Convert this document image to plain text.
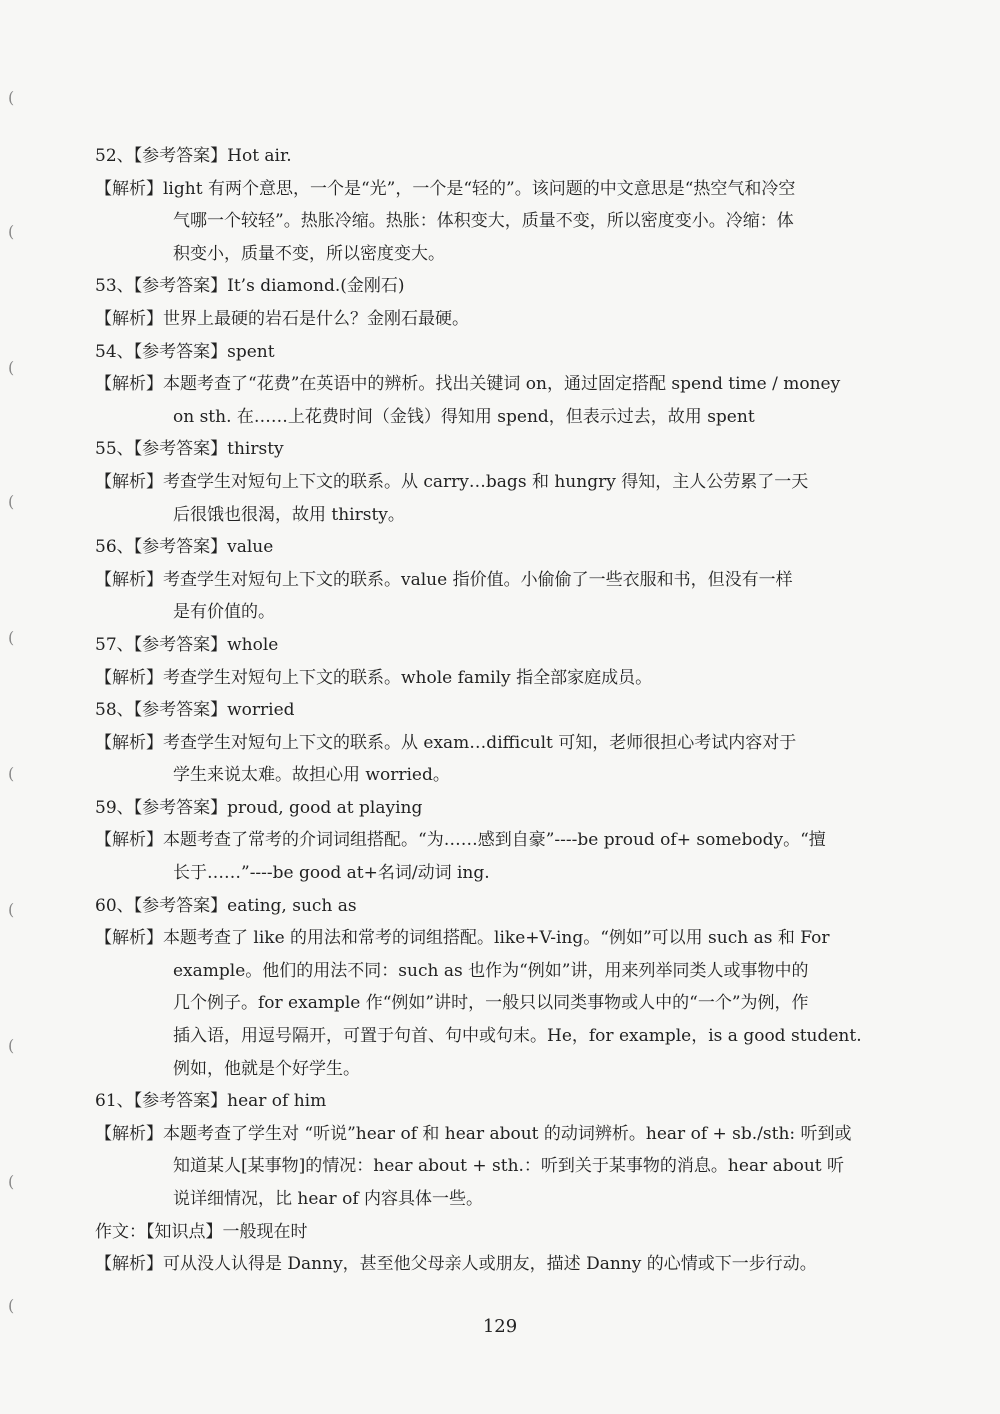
(
(
(
(
(
(
(
(
(
(
52、【参考答案】Hot air.
【解析】light 有两个意思，一个是“光”，一个是“轻的”。该问题的中文意思是“热空气和冷空
气哪一个较轻”。热胀冷缩。热胀：体积变大，质量不变，所以密度变小。冷缩：体
积变小，质量不变，所以密度变大。
53、【参考答案】It’s diamond.(金刚石)
【解析】世界上最硬的岩石是什么？金刚石最硬。
54、【参考答案】spent
【解析】本题考查了“花费”在英语中的辨析。找出关键词 on，通过固定搭配 spend time / money
on sth. 在……上花费时间（金钱）得知用 spend，但表示过去，故用 spent
55、【参考答案】thirsty
【解析】考查学生对短句上下文的联系。从 carry…bags 和 hungry 得知，主人公劳累了一天
后很饿也很渴，故用 thirsty。
56、【参考答案】value
【解析】考查学生对短句上下文的联系。value 指价值。小偷偷了一些衣服和书，但没有一样
是有价值的。
57、【参考答案】whole
【解析】考查学生对短句上下文的联系。whole family 指全部家庭成员。
58、【参考答案】worried
【解析】考查学生对短句上下文的联系。从 exam…difficult 可知，老师很担心考试内容对于
学生来说太难。故担心用 worried。
59、【参考答案】proud, good at playing
【解析】本题考查了常考的介词词组搭配。“为……感到自豪”----be proud of+ somebody。“擅
长于……”----be good at+名词/动词 ing.
60、【参考答案】eating, such as
【解析】本题考查了 like 的用法和常考的词组搭配。like+V-ing。“例如”可以用 such as 和 For
example。他们的用法不同：such as 也作为“例如”讲，用来列举同类人或事物中的
几个例子。for example 作“例如”讲时，一般只以同类事物或人中的“一个”为例，作
插入语，用逗号隔开，可置于句首、句中或句末。He，for example，is a good student.
例如，他就是个好学生。
61、【参考答案】hear of him
【解析】本题考查了学生对 “听说”hear of 和 hear about 的动词辨析。hear of + sb./sth: 听到或
知道某人[某事物]的情况：hear about + sth.：听到关于某事物的消息。hear about 听
说详细情况，比 hear of 内容具体一些。
作文：【知识点】一般现在时
【解析】可从没人认得是 Danny，甚至他父母亲人或朋友，描述 Danny 的心情或下一步行动。
129
